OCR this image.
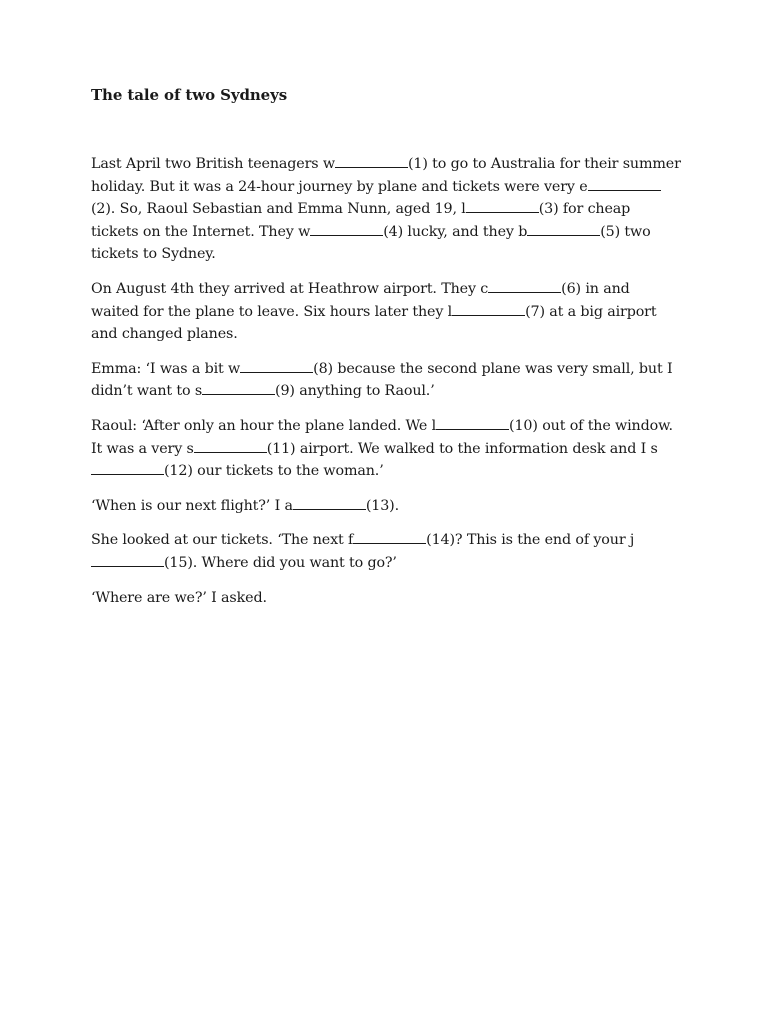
The tale of two Sydneys

Last April two British teenagers w	(1) to go to Australia for their summer holiday. But it was a 24-hour journey by plane and tickets were very e(2). So, Raoul Sebastian and Emma Nunn, aged 19, l	(3) for cheap tickets on the Internet. They w	(4) lucky, and they b	(5) two tickets to Sydney.

On August 4th they arrived at Heathrow airport. They c	(6) in and waited for the plane to leave. Six hours later they l	(7) at a big airport and changed planes.

Emma: ‘I was a bit w	(8) because the second plane was very small, but I didn’t want to s	(9) anything to Raoul.’

Raoul: ‘After only an hour the plane landed. We l	(10) out of the window. It was a very s	(11) airport. We walked to the information desk and I s(12) our tickets to the woman.’

‘When is our next flight?’ I a	(13).

She looked at our tickets. ‘The next f	(14)? This is the end of your j(15). Where did you want to go?’

‘Where are we?’ I asked.
